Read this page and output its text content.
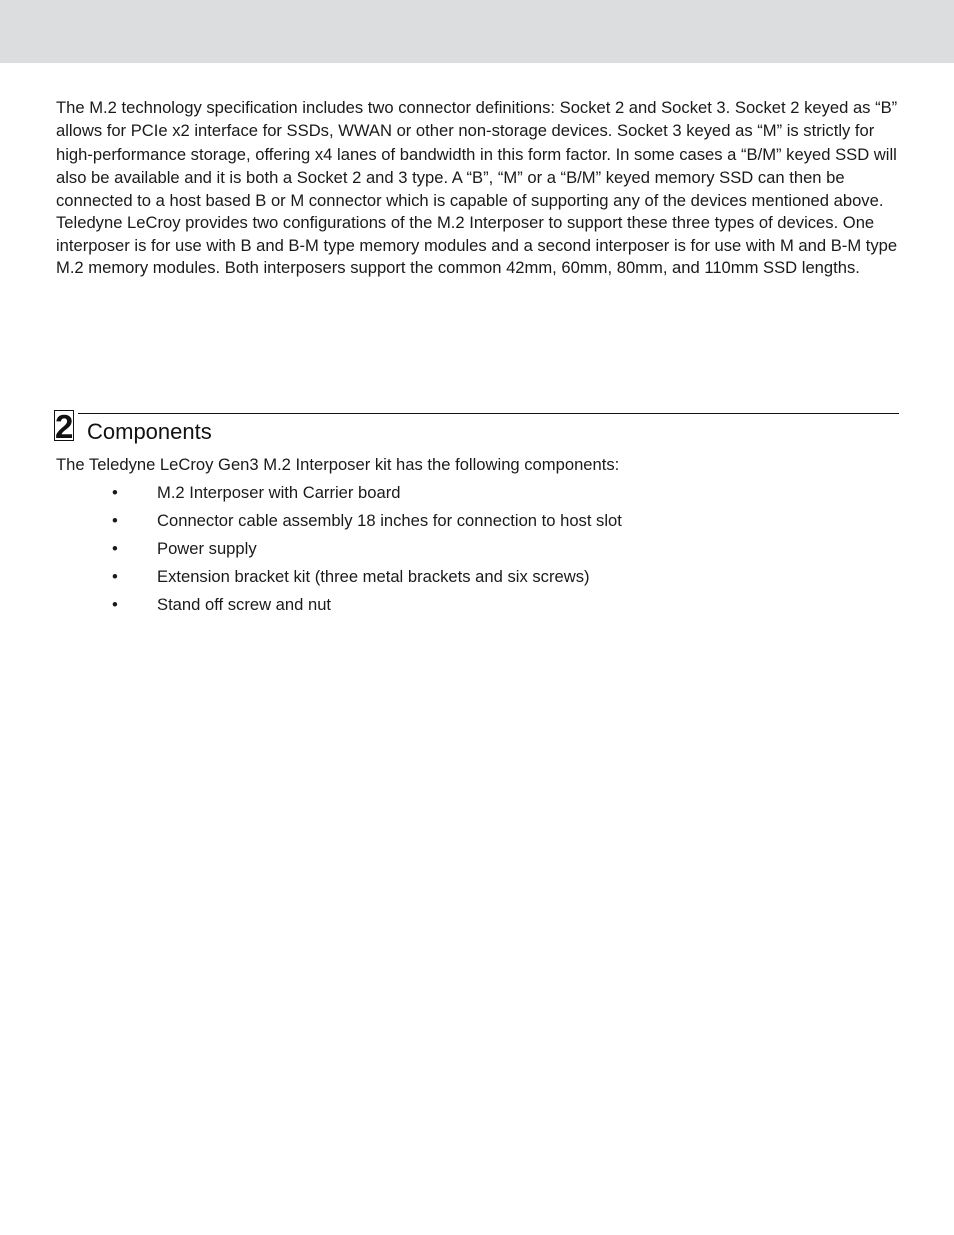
The M.2 technology specification includes two connector definitions: Socket 2 and Socket 3. Socket 2 keyed as “B” allows for PCIe x2 interface for SSDs, WWAN or other non-storage devices. Socket 3 keyed as “M” is strictly for high-performance storage, offering x4 lanes of bandwidth in this form factor. In some cases a “B/M” keyed SSD will also be available and it is both a Socket 2 and 3 type. A “B”, “M” or a “B/M” keyed memory SSD can then be connected to a host based B or M connector which is capable of supporting any of the devices mentioned above.

Teledyne LeCroy provides two configurations of the M.2 Interposer to support these three types of devices. One interposer is for use with B and B-M type memory modules and a second interposer is for use with M and B-M type M.2 memory modules. Both interposers support the common 42mm, 60mm, 80mm, and 110mm SSD lengths.

2 Components

The Teledyne LeCroy Gen3 M.2 Interposer kit has the following components:

•	M.2 Interposer with Carrier board
•	Connector cable assembly 18 inches for connection to host slot
•	Power supply
•	Extension bracket kit (three metal brackets and six screws)
•	Stand off screw and nut
